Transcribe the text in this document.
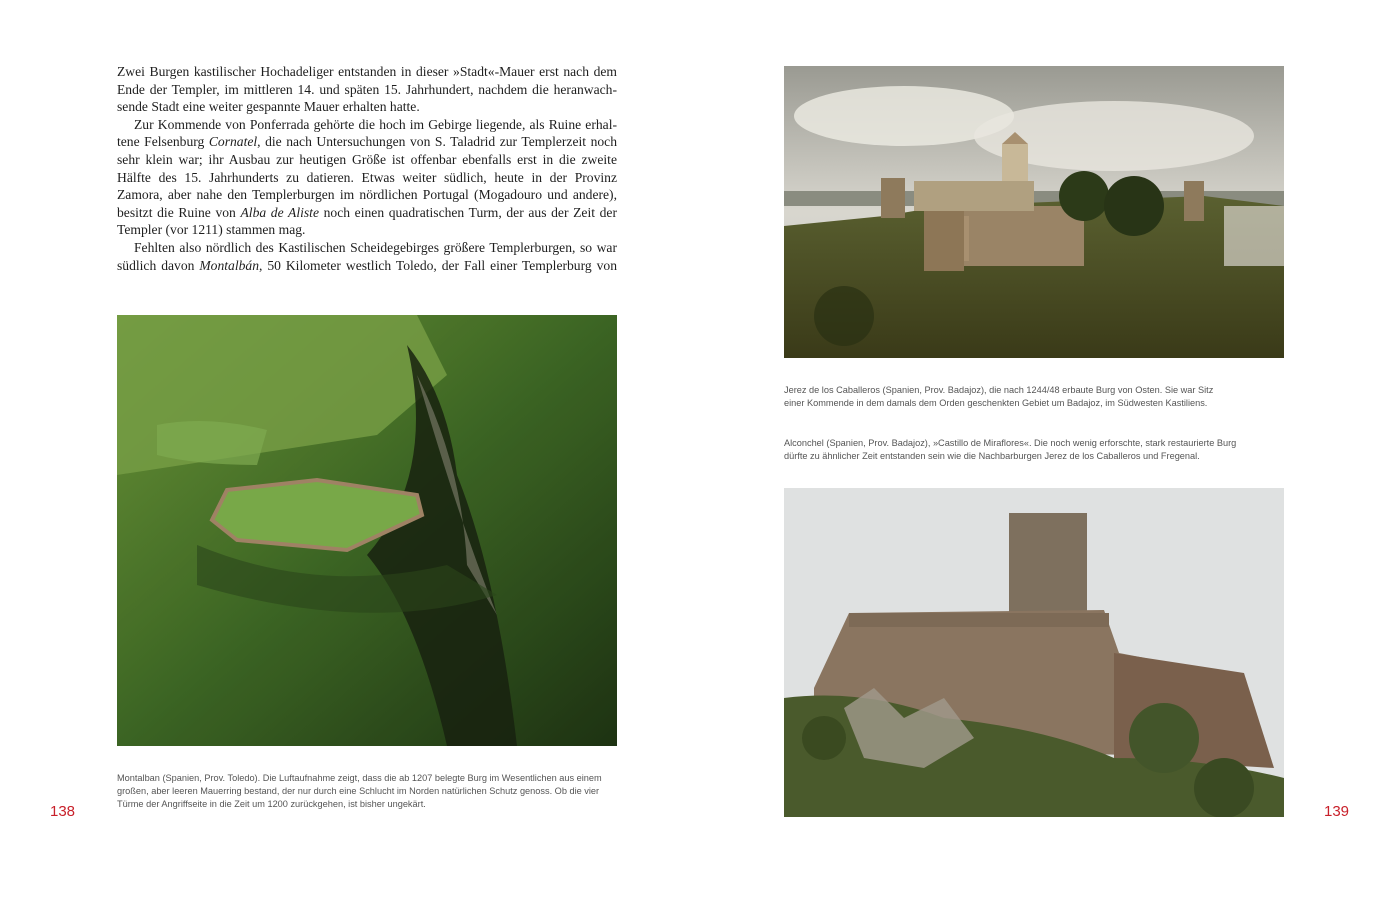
Zwei Burgen kastilischer Hochadeliger entstanden in dieser »Stadt«-Mauer erst nach dem
Ende der Templer, im mittleren 14. und späten 15. Jahrhundert, nachdem die heranwach-
sende Stadt eine weiter gespannte Mauer erhalten hatte.
Zur Kommende von Ponferrada gehörte die hoch im Gebirge liegende, als Ruine erhal-
tene Felsenburg Cornatel, die nach Untersuchungen von S. Taladrid zur Templerzeit noch
sehr klein war; ihr Ausbau zur heutigen Größe ist offenbar ebenfalls erst in die zweite
Hälfte des 15. Jahrhunderts zu datieren. Etwas weiter südlich, heute in der Provinz
Zamora, aber nahe den Templerburgen im nördlichen Portugal (Mogadouro und andere),
besitzt die Ruine von Alba de Aliste noch einen quadratischen Turm, der aus der Zeit der
Templer (vor 1211) stammen mag.
Fehlten also nördlich des Kastilischen Scheidegebirges größere Templerburgen, so war
südlich davon Montalbán, 50 Kilometer westlich Toledo, der Fall einer Templerburg von
Montalban (Spanien, Prov. Toledo). Die Luftaufnahme zeigt, dass die ab 1207 belegte Burg im Wesentlichen aus einem
großen, aber leeren Mauerring bestand, der nur durch eine Schlucht im Norden natürlichen Schutz genoss. Ob die vier
Türme der Angriffseite in die Zeit um 1200 zurückgehen, ist bisher ungekärt.
138
Jerez de los Caballeros (Spanien, Prov. Badajoz), die nach 1244/48 erbaute Burg von Osten. Sie war Sitz
einer Kommende in dem damals dem Orden geschenkten Gebiet um Badajoz, im Südwesten Kastiliens.
Alconchel (Spanien, Prov. Badajoz), »Castillo de Miraflores«. Die noch wenig erforschte, stark restaurierte Burg
dürfte zu ähnlicher Zeit entstanden sein wie die Nachbarburgen Jerez de los Caballeros und Fregenal.
139
